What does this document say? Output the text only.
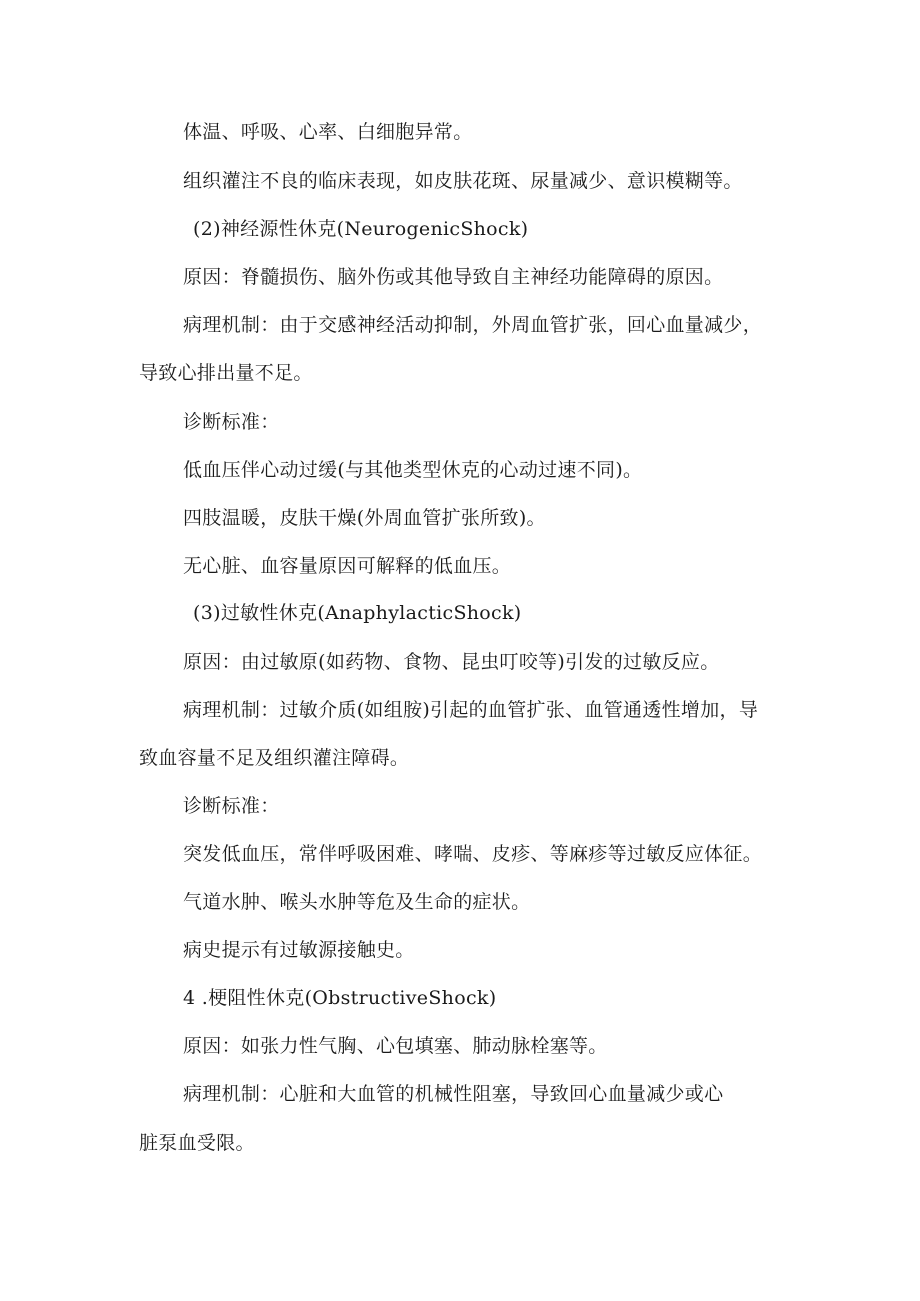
体温、呼吸、心率、白细胞异常。
组织灌注不良的临床表现，如皮肤花斑、尿量减少、意识模糊等。
(2)神经源性休克(NeurogenicShock)
原因：脊髓损伤、脑外伤或其他导致自主神经功能障碍的原因。
病理机制：由于交感神经活动抑制，外周血管扩张，回心血量减少，
导致心排出量不足。
诊断标准：
低血压伴心动过缓(与其他类型休克的心动过速不同)。
四肢温暖，皮肤干燥(外周血管扩张所致)。
无心脏、血容量原因可解释的低血压。
(3)过敏性休克(AnaphylacticShock)
原因：由过敏原(如药物、食物、昆虫叮咬等)引发的过敏反应。
病理机制：过敏介质(如组胺)引起的血管扩张、血管通透性增加，导
致血容量不足及组织灌注障碍。
诊断标准：
突发低血压，常伴呼吸困难、哮喘、皮疹、等麻疹等过敏反应体征。
气道水肿、喉头水肿等危及生命的症状。
病史提示有过敏源接触史。
4 .梗阻性休克(ObstructiveShock)
原因：如张力性气胸、心包填塞、肺动脉栓塞等。
病理机制：心脏和大血管的机械性阻塞，导致回心血量减少或心
脏泵血受限。
